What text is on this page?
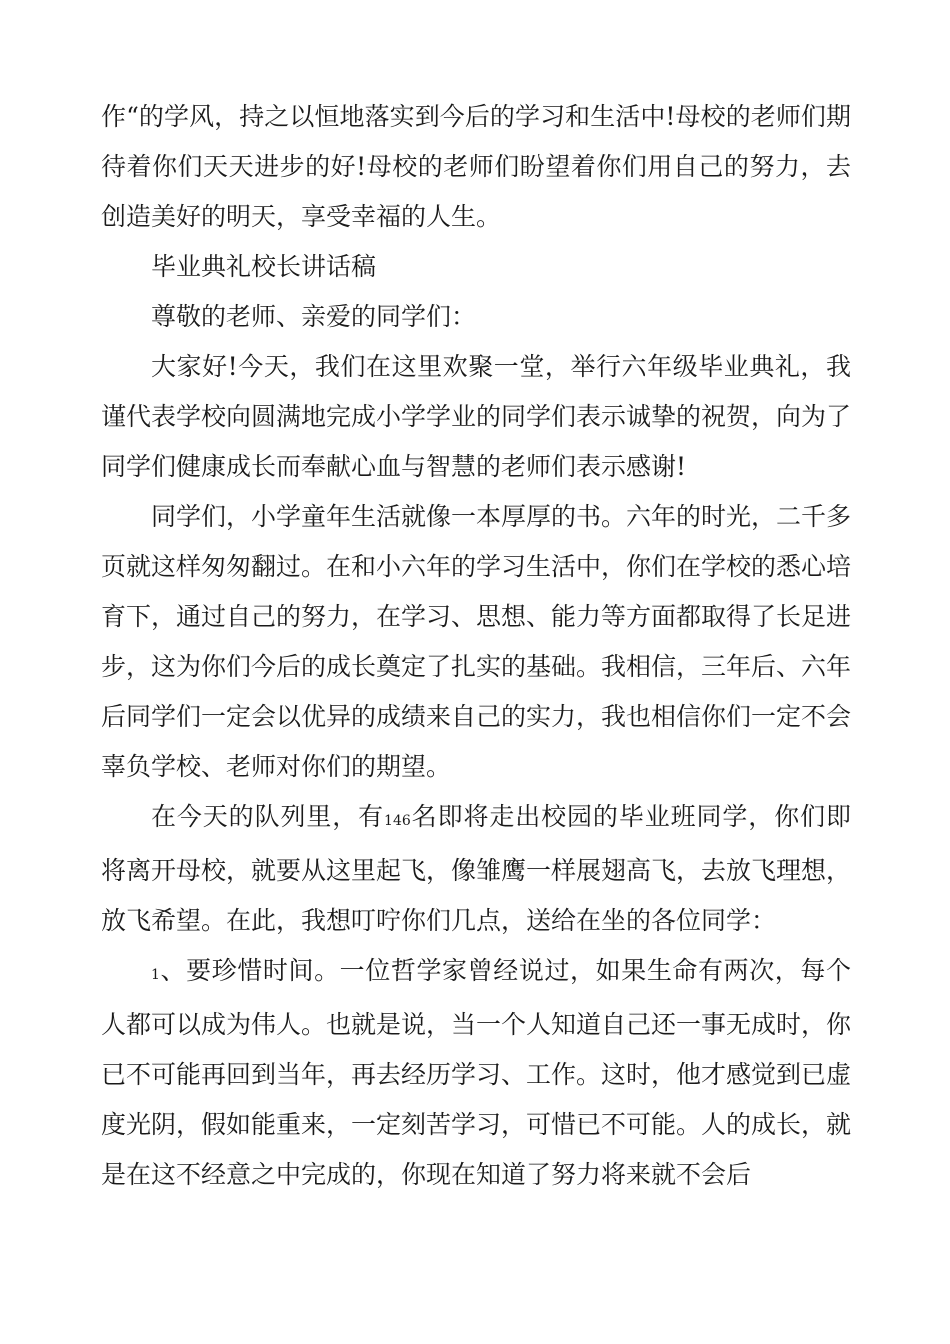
作“的学风，持之以恒地落实到今后的学习和生活中!母校的老师们期待着你们天天进步的好!母校的老师们盼望着你们用自己的努力，去创造美好的明天，享受幸福的人生。

毕业典礼校长讲话稿

尊敬的老师、亲爱的同学们：

大家好!今天，我们在这里欢聚一堂，举行六年级毕业典礼，我谨代表学校向圆满地完成小学学业的同学们表示诚挚的祝贺，向为了同学们健康成长而奉献心血与智慧的老师们表示感谢!

同学们，小学童年生活就像一本厚厚的书。六年的时光，二千多页就这样匆匆翻过。在和小六年的学习生活中，你们在学校的悉心培育下，通过自己的努力，在学习、思想、能力等方面都取得了长足进步，这为你们今后的成长奠定了扎实的基础。我相信，三年后、六年后同学们一定会以优异的成绩来自己的实力，我也相信你们一定不会辜负学校、老师对你们的期望。

在今天的队列里，有146名即将走出校园的毕业班同学，你们即将离开母校，就要从这里起飞，像雏鹰一样展翅高飞，去放飞理想，放飞希望。在此，我想叮咛你们几点，送给在坐的各位同学：

1、要珍惜时间。一位哲学家曾经说过，如果生命有两次，每个人都可以成为伟人。也就是说，当一个人知道自己还一事无成时，你已不可能再回到当年，再去经历学习、工作。这时，他才感觉到已虚度光阴，假如能重来，一定刻苦学习，可惜已不可能。人的成长，就是在这不经意之中完成的，你现在知道了努力将来就不会后
